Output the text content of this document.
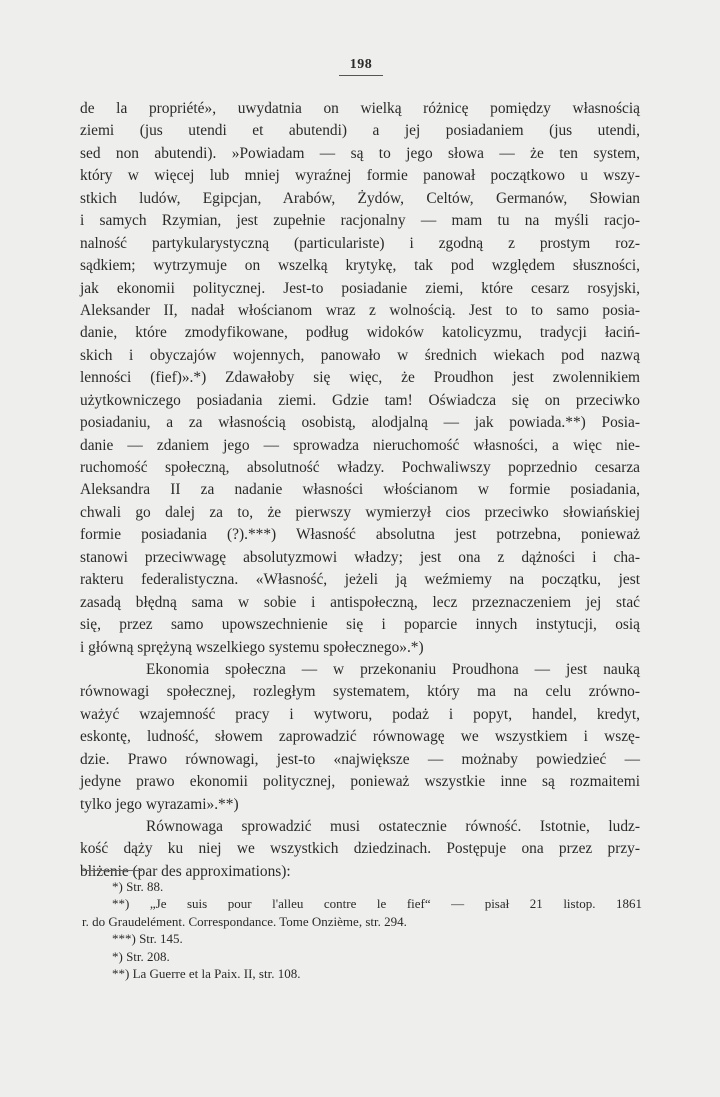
198
de la propriété», uwydatnia on wielką różnicę pomiędzy własnością
ziemi (jus utendi et abutendi) a jej posiadaniem (jus utendi,
sed non abutendi). »Powiadam — są to jego słowa — że ten system,
który w więcej lub mniej wyraźnej formie panował początkowo u wszy-
stkich ludów, Egipcjan, Arabów, Żydów, Celtów, Germanów, Słowian
i samych Rzymian, jest zupełnie racjonalny — mam tu na myśli racjo-
nalność partykularystyczną (particulariste) i zgodną z prostym roz-
sądkiem; wytrzymuje on wszelką krytykę, tak pod względem słuszności,
jak ekonomii politycznej. Jest-to posiadanie ziemi, które cesarz rosyjski,
Aleksander II, nadał włościanom wraz z wolnością. Jest to to samo posia-
danie, które zmodyfikowane, podług widoków katolicyzmu, tradycji łaciń-
skich i obyczajów wojennych, panowało w średnich wiekach pod nazwą
lenności (fief)».*) Zdawałoby się więc, że Proudhon jest zwolennikiem
użytkowniczego posiadania ziemi. Gdzie tam! Oświadcza się on przeciwko
posiadaniu, a za własnością osobistą, alodjalną — jak powiada.**) Posia-
danie — zdaniem jego — sprowadza nieruchomość własności, a więc nie-
ruchomość społeczną, absolutność władzy. Pochwaliwszy poprzednio cesarza
Aleksandra II za nadanie własności włościanom w formie posiadania,
chwali go dalej za to, że pierwszy wymierzył cios przeciwko słowiańskiej
formie posiadania (?).***) Własność absolutna jest potrzebna, ponieważ
stanowi przeciwwagę absolutyzmowi władzy; jest ona z dążności i cha-
rakteru federalistyczna. «Własność, jeżeli ją weźmiemy na początku, jest
zasadą błędną sama w sobie i antispołeczną, lecz przeznaczeniem jej stać
się, przez samo upowszechnienie się i poparcie innych instytucji, osią
i główną sprężyną wszelkiego systemu społecznego».*)
Ekonomia społeczna — w przekonaniu Proudhona — jest nauką
równowagi społecznej, rozległym systematem, który ma na celu zrówno-
ważyć wzajemność pracy i wytworu, podaż i popyt, handel, kredyt,
eskontę, ludność, słowem zaprowadzić równowagę we wszystkiem i wszę-
dzie. Prawo równowagi, jest-to «największe — możnaby powiedzieć —
jedyne prawo ekonomii politycznej, ponieważ wszystkie inne są rozmaitemi
tylko jego wyrazami».**)
Równowaga sprowadzić musi ostatecznie równość. Istotnie, ludz-
kość dąży ku niej we wszystkich dziedzinach. Postępuje ona przez przy-
bliżenie (par des approximations):
*) Str. 88.
**) „Je suis pour l'alleu contre le fief“ — pisał 21 listop. 1861
r. do Graudelément. Correspondance. Tome Onzième, str. 294.
***) Str. 145.
*) Str. 208.
**) La Guerre et la Paix. II, str. 108.
